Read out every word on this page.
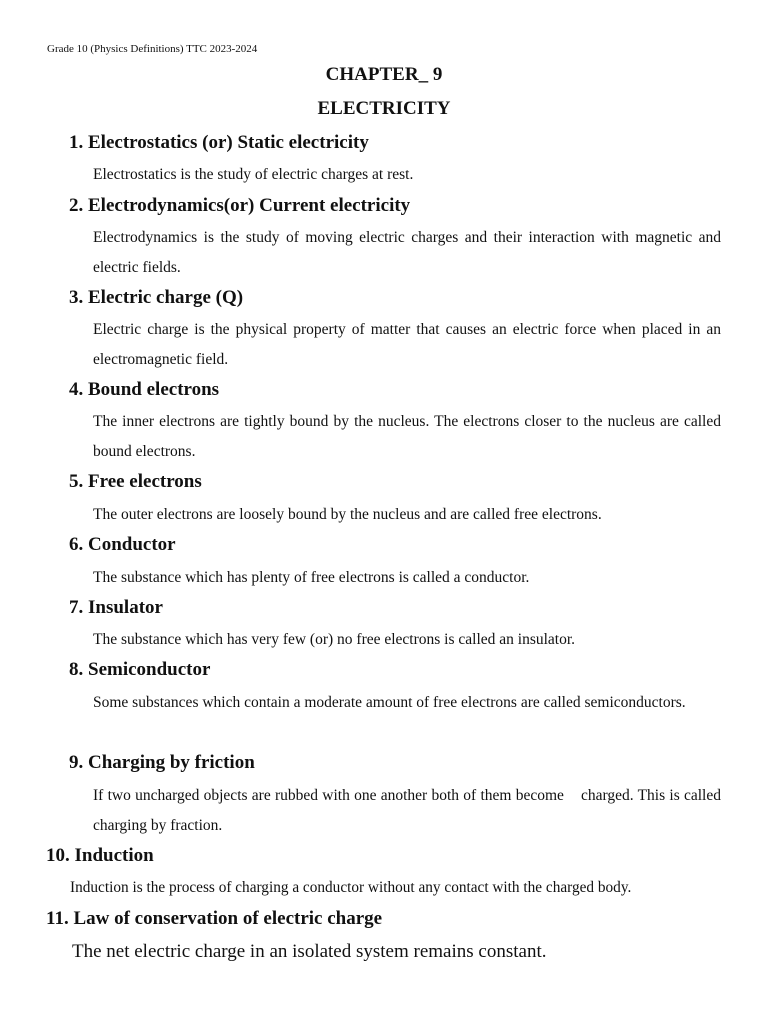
Grade 10 (Physics Definitions) TTC 2023-2024
CHAPTER_ 9
ELECTRICITY
1. Electrostatics (or) Static electricity
Electrostatics is the study of electric charges at rest.
2. Electrodynamics(or) Current electricity
Electrodynamics is the study of moving electric charges and their interaction with magnetic and electric fields.
3. Electric charge (Q)
Electric charge is the physical property of matter that causes an electric force when placed in an electromagnetic field.
4. Bound electrons
The inner electrons are tightly bound by the nucleus. The electrons closer to the nucleus are called bound electrons.
5. Free electrons
The outer electrons are loosely bound by the nucleus and are called free electrons.
6. Conductor
The substance which has plenty of free electrons is called a conductor.
7. Insulator
The substance which has very few (or) no free electrons is called an insulator.
8. Semiconductor
Some substances which contain a moderate amount of free electrons are called semiconductors.
9. Charging by friction
If two uncharged objects are rubbed with one another both of them become    charged. This is called charging by fraction.
10. Induction
Induction is the process of charging a conductor without any contact with the charged body.
11. Law of conservation of electric charge
The net electric charge in an isolated system remains constant.
